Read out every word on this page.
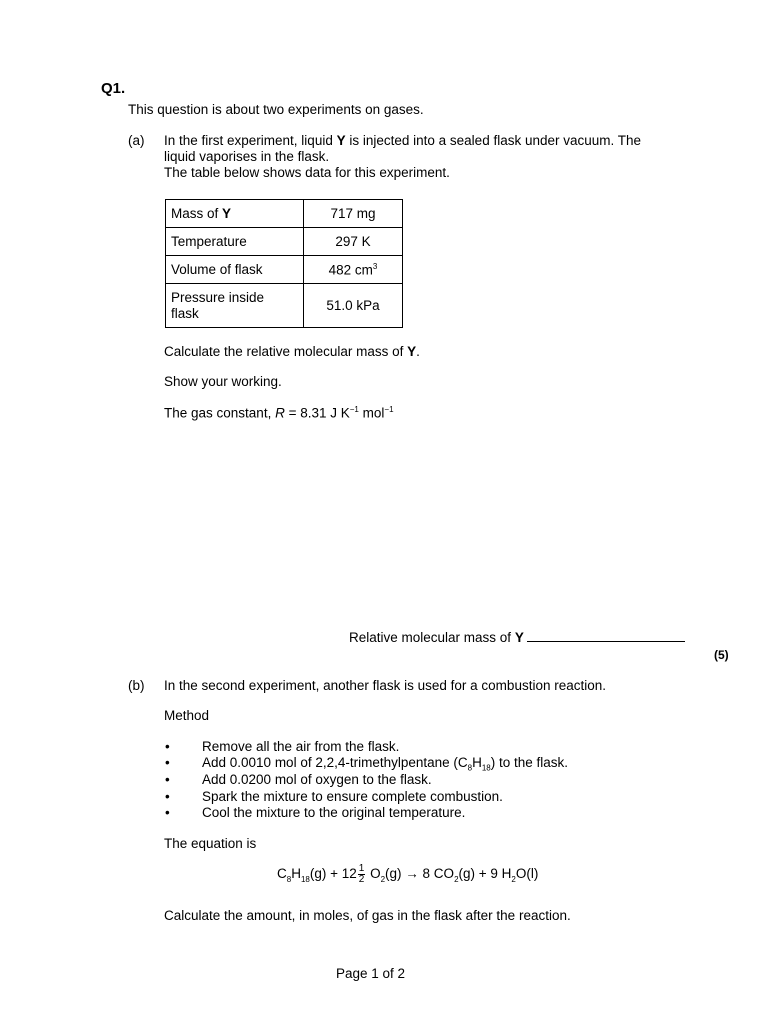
Q1.
This question is about two experiments on gases.
(a) In the first experiment, liquid Y is injected into a sealed flask under vacuum. The
liquid vaporises in the flask.
The table below shows data for this experiment.
Mass of Y	717 mg
Temperature	297 K
Volume of flask	482 $cm^3$
Pressure inside
flask	51.0 kPa
Calculate the relative molecular mass of Y.
Show your working.
The gas constant, R = 8.31 J $K^{-1}$ mol$^{-1}$
Relative molecular mass of Y
(5)
(b) In the second experiment, another flask is used for a combustion reaction.
Method
• Remove all the air from the flask.
• Add 0.0010 mol of 2,2,4-trimethylpentane $(C_8H_{18})$ to the flask.
• Add 0.0200 mol of oxygen to the flask.
• Spark the mixture to ensure complete combustion.
• Cool the mixture to the original temperature.
The equation is
$C_8H_{18}(g) + 12 \frac{1}{2} O_2(g) \to 8$ $CO_2(g) + 9$ $H_2O(l)$
Calculate the amount, in moles, of gas in the flask after the reaction.
Page 1 of 2
